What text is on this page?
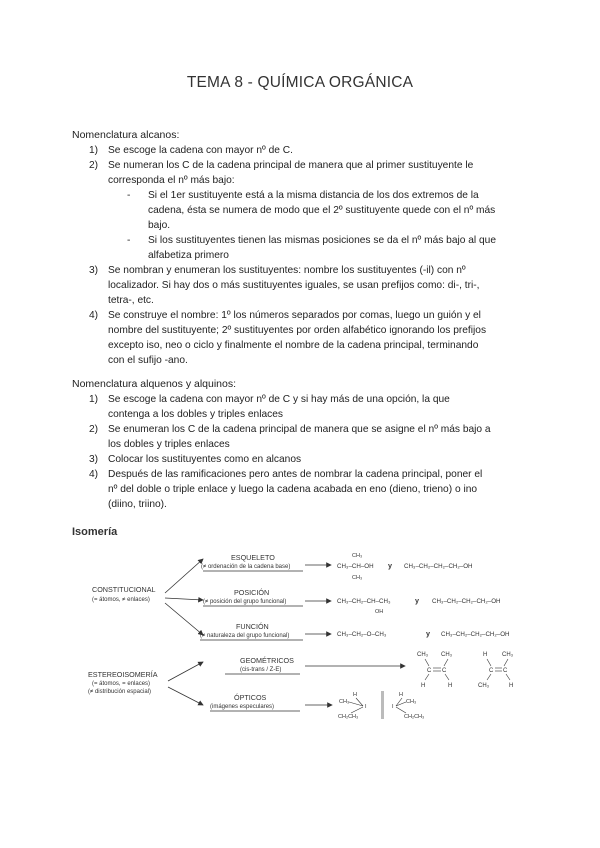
TEMA 8 - QUÍMICA ORGÁNICA
Nomenclatura alcanos:
1) Se escoge la cadena con mayor nº de C.
2) Se numeran los C de la cadena principal de manera que al primer sustituyente le
corresponda el nº más bajo:
- Si el 1er sustituyente está a la misma distancia de los dos extremos de la
cadena, ésta se numera de modo que el 2º sustituyente quede con el nº más
bajo.
- Si los sustituyentes tienen las mismas posiciones se da el nº más bajo al que
alfabetiza primero
3) Se nombran y enumeran los sustituyentes: nombre los sustituyentes (-il) con nº
localizador. Si hay dos o más sustituyentes iguales, se usan prefijos como: di-, tri-,
tetra-, etc.
4) Se construye el nombre: 1º los números separados por comas, luego un guión y el
nombre del sustituyente; 2º sustituyentes por orden alfabético ignorando los prefijos
excepto iso, neo o ciclo y finalmente el nombre de la cadena principal, terminando
con el sufijo -ano.
Nomenclatura alquenos y alquinos:
1) Se escoge la cadena con mayor nº de C y si hay más de una opción, la que
contenga a los dobles y triples enlaces
2) Se enumeran los C de la cadena principal de manera que se asigne el nº más bajo a
los dobles y triples enlaces
3) Colocar los sustituyentes como en alcanos
4) Después de las ramificaciones pero antes de nombrar la cadena principal, poner el
nº del doble o triple enlace y luego la cadena acabada en eno (dieno, trieno) o ino
(diino, triino).
Isomería
CONSTITUCIONAL
(= átomos, ≠ enlaces)
ESQUELETO
(≠ ordenación de la cadena base)
POSICIÓN
(≠ posición del grupo funcional)
FUNCIÓN
(≠ naturaleza del grupo funcional)
CH₃
CH₃–CH–OH
CH₃
y CH₃–CH₂–CH₂–CH₂–OH
CH₃–CH₂–CH–CH₃
OH
y CH₃–CH₂–CH₂–CH₂–OH
CH₃–CH₂–O–CH₃	y CH₃–CH₂–CH₂–CH₂–OH
ESTEREOISOMERÍA
(= átomos, = enlaces)
(≠ distribución espacial)
GEOMÉTRICOS
(cis-trans / Z-E)
ÓPTICOS
(imágenes especulares)
CH₃ CH₃
C C
H	H
H CH₃
C C
CH₃	H
H
CH₃
I
CH₂CH₃
I
H
CH₃
CH₂CH₃
